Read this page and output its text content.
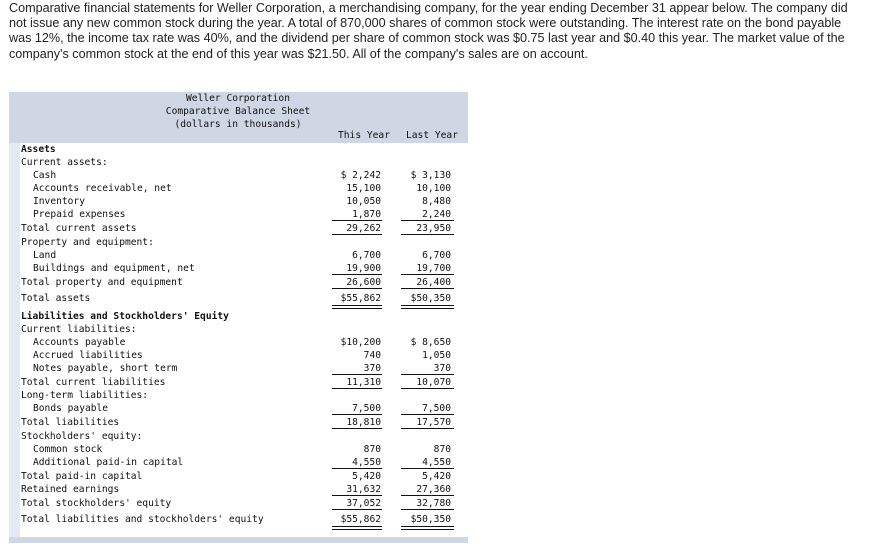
Comparative financial statements for Weller Corporation, a merchandising company, for the year ending December 31 appear below. The company did not issue any new common stock during the year. A total of 870,000 shares of common stock were outstanding. The interest rate on the bond payable was 12%, the income tax rate was 40%, and the dividend per share of common stock was $0.75 last year and $0.40 this year. The market value of the company's common stock at the end of this year was $21.50. All of the company's sales are on account.
Weller Corporation
Comparative Balance Sheet
(dollars in thousands)
This Year Last Year
Assets
Current assets:
Cash	$ 2,242	$ 3,130
Accounts receivable, net	15,100	10,100
Inventory	10,050	8,480
Prepaid expenses	1,870	2,240
Total current assets	29,262	23,950
Property and equipment:
Land	6,700	6,700
Buildings and equipment, net	19,900	19,700
Total property and equipment	26,600	26,400
Total assets	$55,862	$50,350
Liabilities and Stockholders' Equity
Current liabilities:
Accounts payable	$10,200	$ 8,650
Accrued liabilities	740	1,050
Notes payable, short term	370	370
Total current liabilities	11,310	10,070
Long-term liabilities:
Bonds payable	7,500	7,500
Total liabilities	18,810	17,570
Stockholders' equity:
Common stock	870	870
Additional paid-in capital	4,550	4,550
Total paid-in capital	5,420	5,420
Retained earnings	31,632	27,360
Total stockholders' equity	37,052	32,780
Total liabilities and stockholders' equity	$55,862	$50,350
